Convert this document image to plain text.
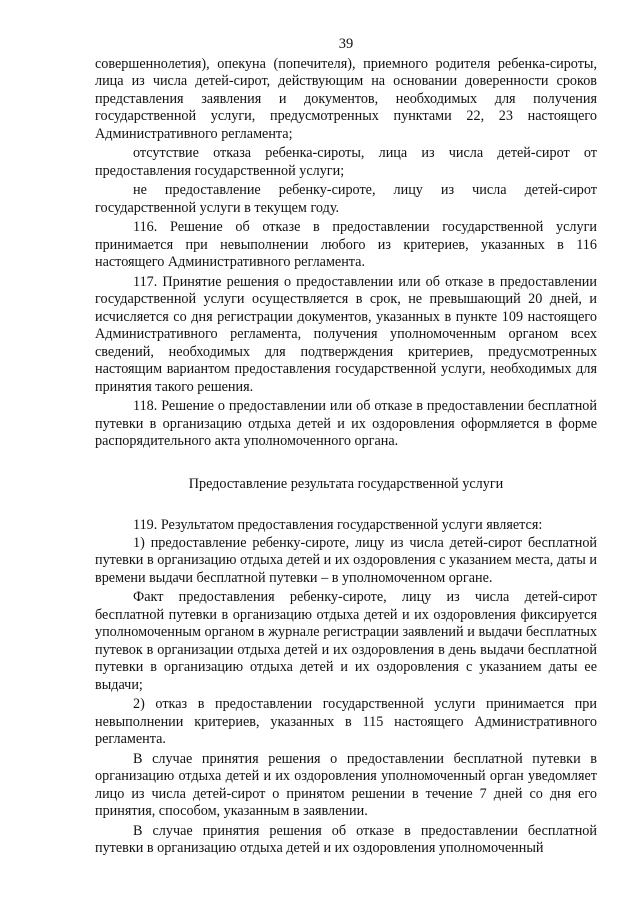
39

совершеннолетия), опекуна (попечителя), приемного родителя ребенка-сироты, лица из числа детей-сирот, действующим на основании доверенности сроков представления заявления и документов, необходимых для получения государственной услуги, предусмотренных пунктами 22, 23 настоящего Административного регламента;

отсутствие отказа ребенка-сироты, лица из числа детей-сирот от предоставления государственной услуги;

не предоставление ребенку-сироте, лицу из числа детей-сирот государственной услуги в текущем году.

116. Решение об отказе в предоставлении государственной услуги принимается при невыполнении любого из критериев, указанных в 116 настоящего Административного регламента.

117. Принятие решения о предоставлении или об отказе в предоставлении государственной услуги осуществляется в срок, не превышающий 20 дней, и исчисляется со дня регистрации документов, указанных в пункте 109 настоящего Административного регламента, получения уполномоченным органом всех сведений, необходимых для подтверждения критериев, предусмотренных настоящим вариантом предоставления государственной услуги, необходимых для принятия такого решения.

118. Решение о предоставлении или об отказе в предоставлении бесплатной путевки в организацию отдыха детей и их оздоровления оформляется в форме распорядительного акта уполномоченного органа.

Предоставление результата государственной услуги

119. Результатом предоставления государственной услуги является:

1) предоставление ребенку-сироте, лицу из числа детей-сирот бесплатной путевки в организацию отдыха детей и их оздоровления с указанием места, даты и времени выдачи бесплатной путевки – в уполномоченном органе.

Факт предоставления ребенку-сироте, лицу из числа детей-сирот бесплатной путевки в организацию отдыха детей и их оздоровления фиксируется уполномоченным органом в журнале регистрации заявлений и выдачи бесплатных путевок в организации отдыха детей и их оздоровления в день выдачи бесплатной путевки в организацию отдыха детей и их оздоровления с указанием даты ее выдачи;

2) отказ в предоставлении государственной услуги принимается при невыполнении критериев, указанных в 115 настоящего Административного регламента.

В случае принятия решения о предоставлении бесплатной путевки в организацию отдыха детей и их оздоровления уполномоченный орган уведомляет лицо из числа детей-сирот о принятом решении в течение 7 дней со дня его принятия, способом, указанным в заявлении.

В случае принятия решения об отказе в предоставлении бесплатной путевки в организацию отдыха детей и их оздоровления уполномоченный
